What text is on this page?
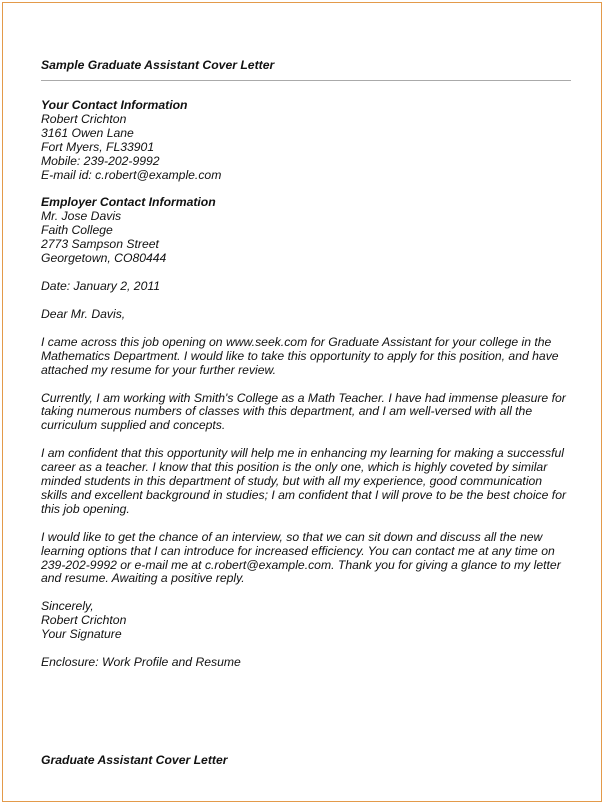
Sample Graduate Assistant Cover Letter
Your Contact Information
Robert Crichton
3161 Owen Lane
Fort Myers, FL33901
Mobile: 239-202-9992
E-mail id: c.robert@example.com
Employer Contact Information
Mr. Jose Davis
Faith College
2773 Sampson Street
Georgetown, CO80444
Date: January 2, 2011
Dear Mr. Davis,
I came across this job opening on www.seek.com for Graduate Assistant for your college in the
Mathematics Department. I would like to take this opportunity to apply for this position, and have
attached my resume for your further review.
Currently, I am working with Smith's College as a Math Teacher. I have had immense pleasure for
taking numerous numbers of classes with this department, and I am well-versed with all the
curriculum supplied and concepts.
I am confident that this opportunity will help me in enhancing my learning for making a successful
career as a teacher. I know that this position is the only one, which is highly coveted by similar
minded students in this department of study, but with all my experience, good communication
skills and excellent background in studies; I am confident that I will prove to be the best choice for
this job opening.
I would like to get the chance of an interview, so that we can sit down and discuss all the new
learning options that I can introduce for increased efficiency. You can contact me at any time on
239-202-9992 or e-mail me at c.robert@example.com. Thank you for giving a glance to my letter
and resume. Awaiting a positive reply.
Sincerely,
Robert Crichton
Your Signature
Enclosure: Work Profile and Resume
Graduate Assistant Cover Letter
